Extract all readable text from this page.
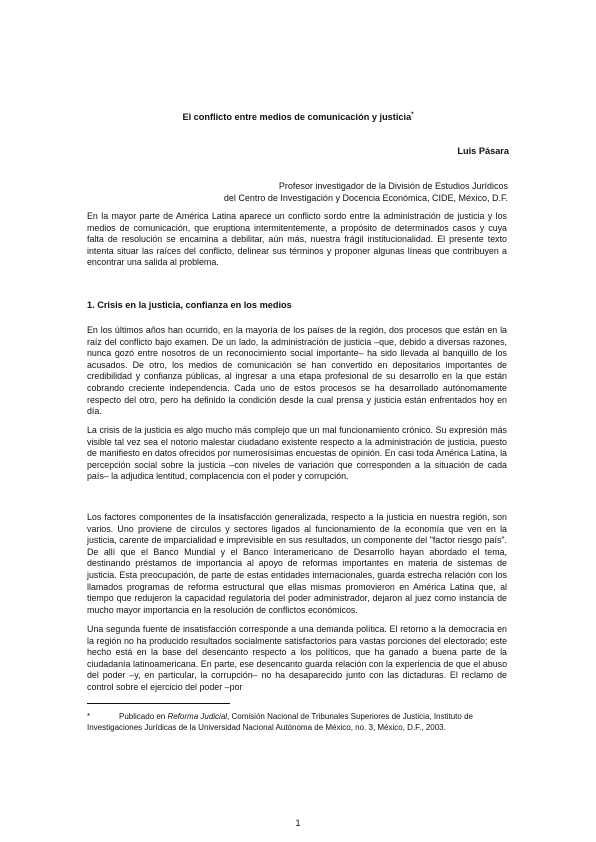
El conflicto entre medios de comunicación y justicia*
Luis Pásara
Profesor investigador de la División de Estudios Jurídicos
del Centro de Investigación y Docencia Económica, CIDE, México, D.F.
En la mayor parte de América Latina aparece un conflicto sordo entre la administración de justicia y los medios de comunicación, que eruptiona intermitentemente, a propósito de determinados casos y cuya falta de resolución se encamina a debilitar, aún más, nuestra frágil institucionalidad. El presente texto intenta situar las raíces del conflicto, delinear sus términos y proponer algunas líneas que contribuyen a encontrar una salida al problema.
1. Crisis en la justicia, confianza en los medios
En los últimos años han ocurrido, en la mayoría de los países de la región, dos procesos que están en la raíz del conflicto bajo examen. De un lado, la administración de justicia –que, debido a diversas razones, nunca gozó entre nosotros de un reconocimiento social importante– ha sido llevada al banquillo de los acusados. De otro, los medios de comunicación se han convertido en depositarios importantes de credibilidad y confianza públicas, al ingresar a una etapa profesional de su desarrollo en la que están cobrando creciente independencia. Cada uno de estos procesos se ha desarrollado autónomamente respecto del otro, pero ha definido la condición desde la cual prensa y justicia están enfrentados hoy en día.
La crisis de la justicia es algo mucho más complejo que un mal funcionamiento crónico. Su expresión más visible tal vez sea el notorio malestar ciudadano existente respecto a la administración de justicia, puesto de manifiesto en datos ofrecidos por numerosísimas encuestas de opinión. En casi toda América Latina, la percepción social sobre la justicia –con niveles de variación que corresponden a la situación de cada país– la adjudica lentitud, complacencia con el poder y corrupción.
Los factores componentes de la insatisfacción generalizada, respecto a la justicia en nuestra región, son varios. Uno proviene de círculos y sectores ligados al funcionamiento de la economía que ven en la justicia, carente de imparcialidad e imprevisible en sus resultados, un componente del "factor riesgo país". De allí que el Banco Mundial y el Banco Interamericano de Desarrollo hayan abordado el tema, destinando préstamos de importancia al apoyo de reformas importantes en materia de sistemas de justicia. Esta preocupación, de parte de estas entidades internacionales, guarda estrecha relación con los llamados programas de reforma estructural que ellas mismas promovieron en América Latina que, al tiempo que redujeron la capacidad regulatoria del poder administrador, dejaron al juez como instancia de mucho mayor importancia en la resolución de conflictos económicos.
Una segunda fuente de insatisfacción corresponde a una demanda política. El retorno a la democracia en la región no ha producido resultados socialmente satisfactorios para vastas porciones del electorado; este hecho está en la base del desencanto respecto a los políticos, que ha ganado a buena parte de la ciudadanía latinoamericana. En parte, ese desencanto guarda relación con la experiencia de que el abuso del poder –y, en particular, la corrupción– no ha desaparecido junto con las dictaduras. El reclamo de control sobre el ejercicio del poder –por
*	Publicado en Reforma Judicial, Comisión Nacional de Tribunales Superiores de Justicia, Instituto de Investigaciones Jurídicas de la Universidad Nacional Autónoma de México, no. 3, México, D.F., 2003.
1
